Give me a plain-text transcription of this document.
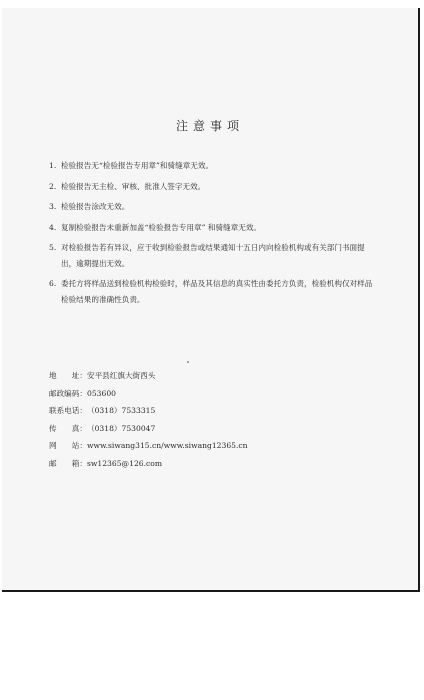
注意事项
1. 检验报告无“检验报告专用章”和骑缝章无效。
2. 检验报告无主检、审核、批准人签字无效。
3. 检验报告涂改无效。
4. 复制检验报告未重新加盖“检验报告专用章” 和骑缝章无效。
5. 对检验报告若有异议，应于收到检验报告或结果通知十五日内向检验机构或有关部门书面提出，逾期提出无效。
6. 委托方将样品送到检验机构检验时，样品及其信息的真实性由委托方负责，检验机构仅对样品检验结果的准确性负责。
地　　址： 安平县红旗大街西头
邮政编码： 053600
联系电话： （0318）7533315
传　　真： （0318）7530047
网　　站： www.siwang315.cn/www.siwang12365.cn
邮　　箱： sw12365@126.com
